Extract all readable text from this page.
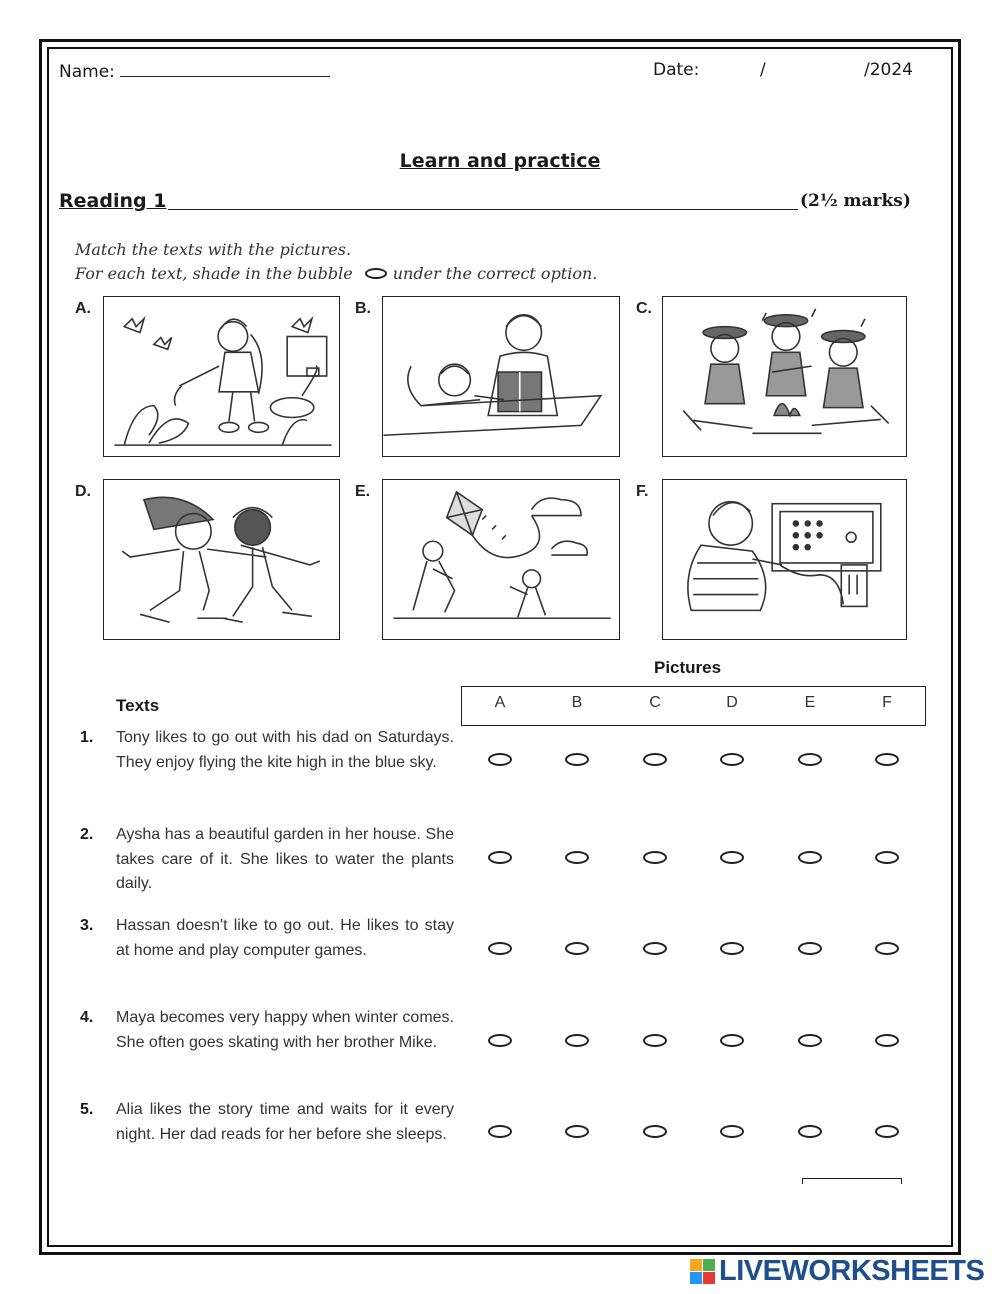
Name:	Date:	/	/2024
Learn and practice
Reading 1	(2½ marks)
Match the texts with the pictures.
For each text, shade in the bubble	under the correct option.
A.	B.	C.
D.	E.	F.
Pictures
Texts	A	B	C	D	E	F
1.	Tony likes to go out with his dad on Saturdays. They enjoy flying the kite high in the blue sky.
2.	Aysha has a beautiful garden in her house. She takes care of it. She likes to water the plants daily.
3.	Hassan doesn't like to go out. He likes to stay at home and play computer games.
4.	Maya becomes very happy when winter comes. She often goes skating with her brother Mike.
5.	Alia likes the story time and waits for it every night. Her dad reads for her before she sleeps.
LIVEWORKSHEETS
